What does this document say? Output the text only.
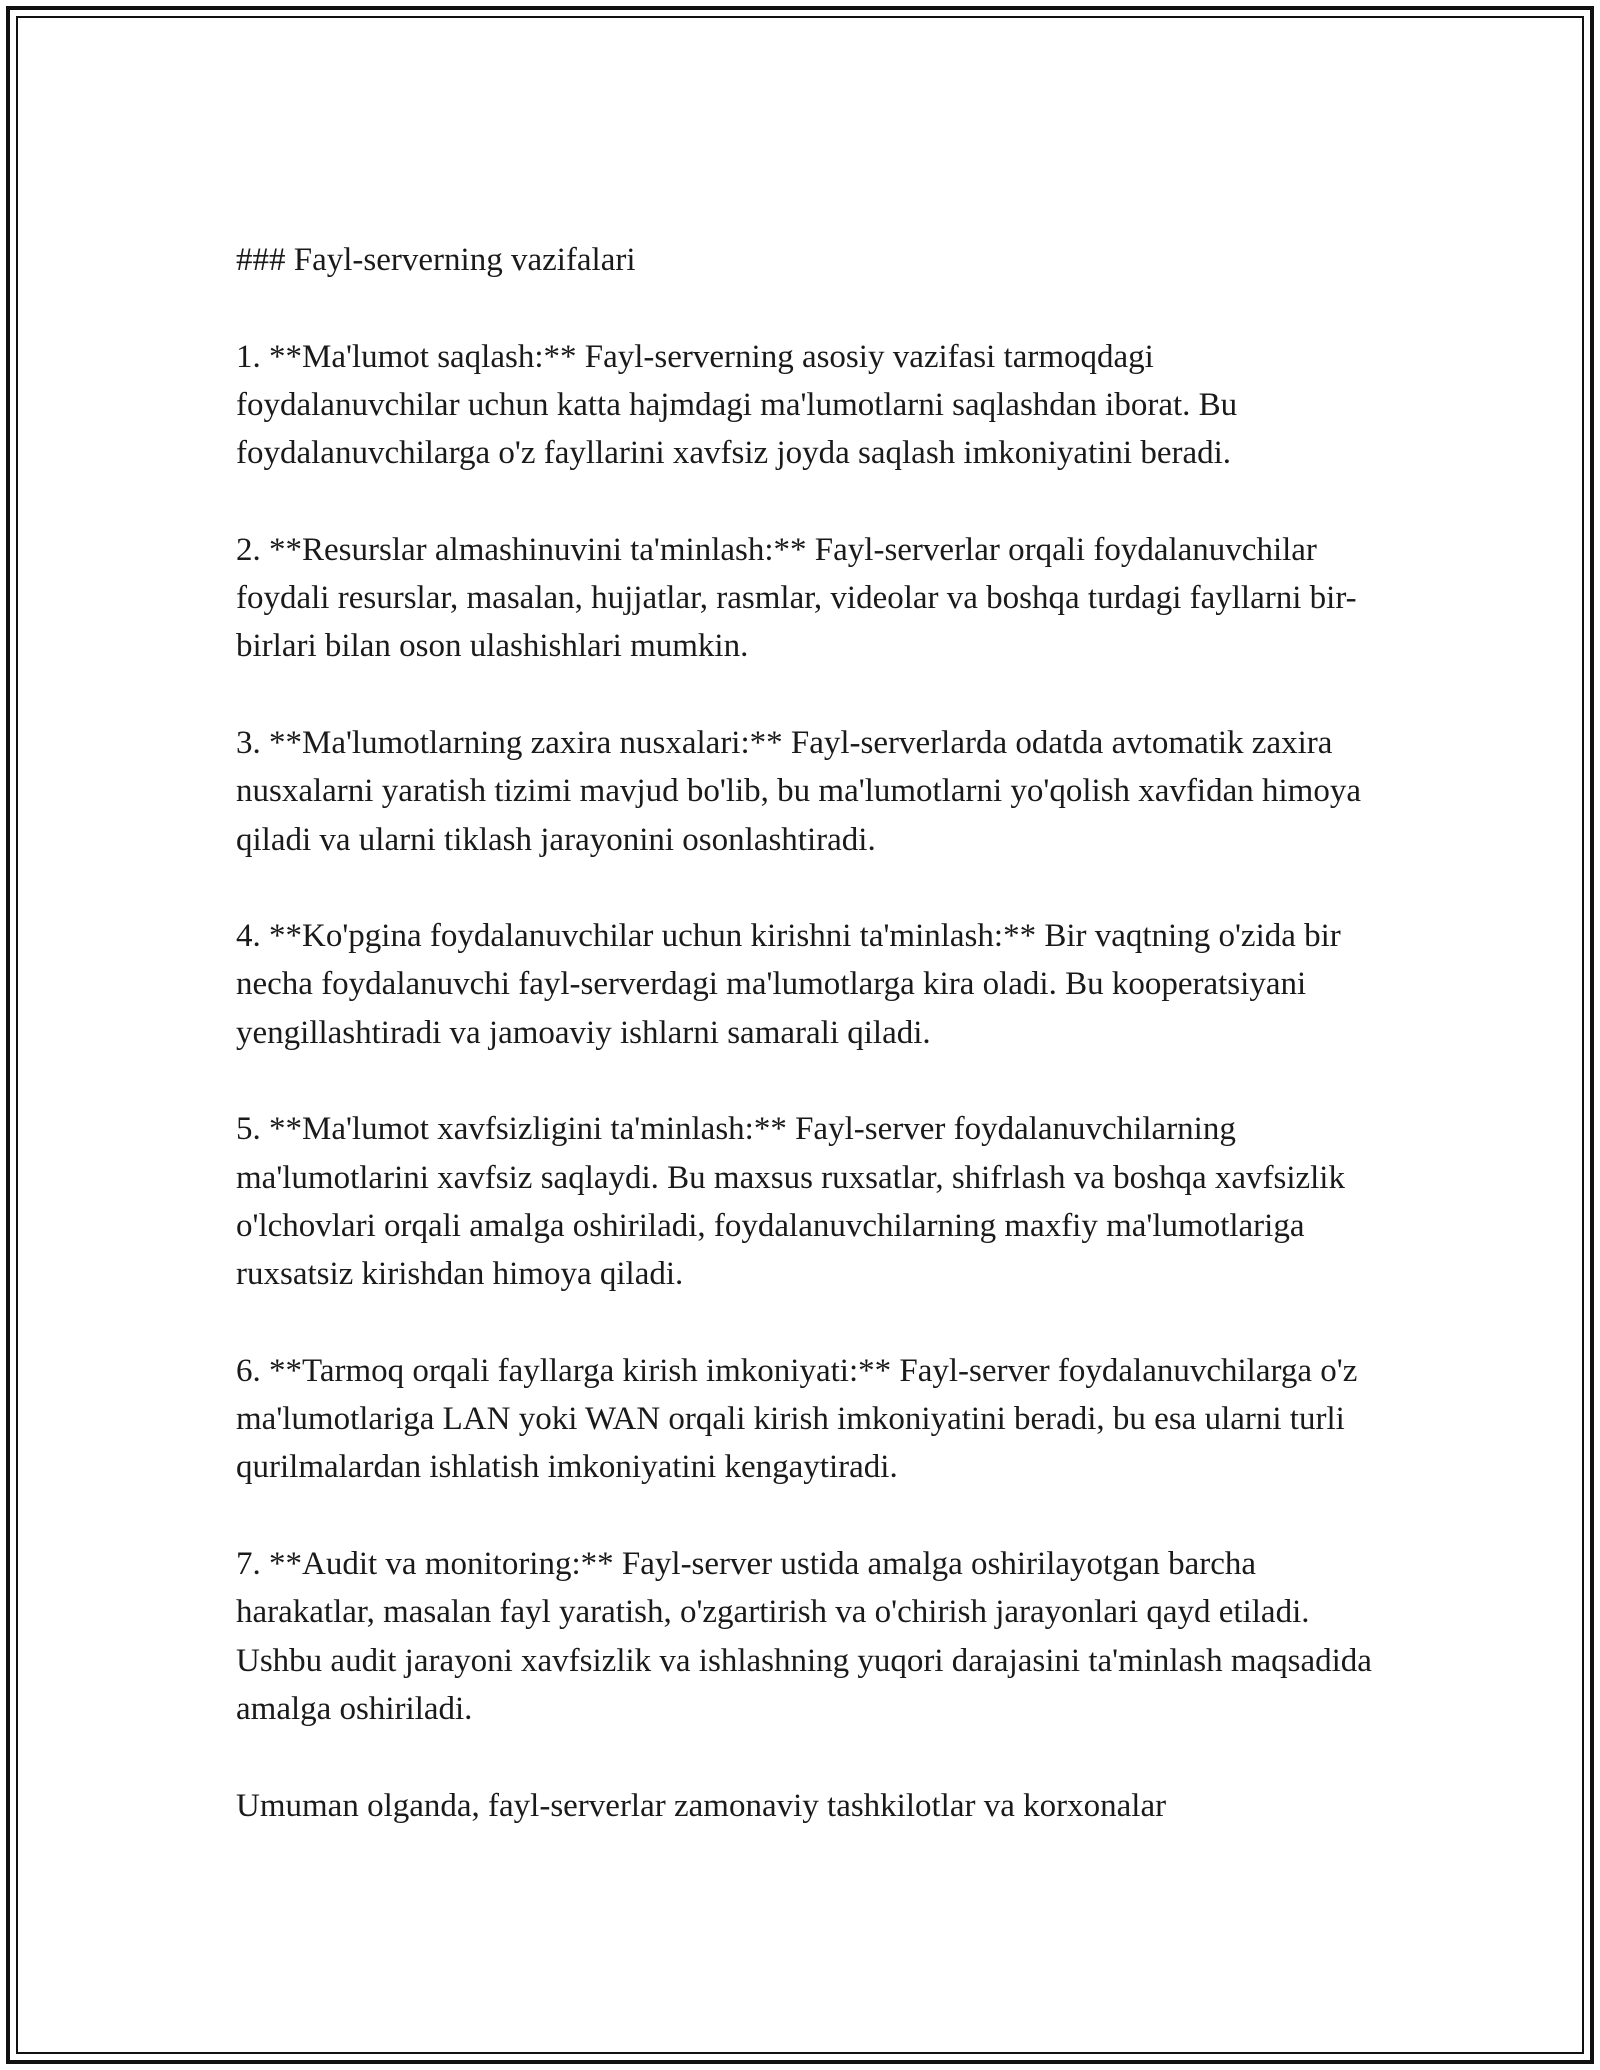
### Fayl-serverning vazifalari

1. **Ma'lumot saqlash:** Fayl-serverning asosiy vazifasi tarmoqdagi foydalanuvchilar uchun katta hajmdagi ma'lumotlarni saqlashdan iborat. Bu foydalanuvchilarga o'z fayllarini xavfsiz joyda saqlash imkoniyatini beradi.

2. **Resurslar almashinuvini ta'minlash:** Fayl-serverlar orqali foydalanuvchilar foydali resurslar, masalan, hujjatlar, rasmlar, videolar va boshqa turdagi fayllarni bir-birlari bilan oson ulashishlari mumkin.

3. **Ma'lumotlarning zaxira nusxalari:** Fayl-serverlarda odatda avtomatik zaxira nusxalarni yaratish tizimi mavjud bo'lib, bu ma'lumotlarni yo'qolish xavfidan himoya qiladi va ularni tiklash jarayonini osonlashtiradi.

4. **Ko'pgina foydalanuvchilar uchun kirishni ta'minlash:** Bir vaqtning o'zida bir necha foydalanuvchi fayl-serverdagi ma'lumotlarga kira oladi. Bu kooperatsiyani yengillashtiradi va jamoaviy ishlarni samarali qiladi.

5. **Ma'lumot xavfsizligini ta'minlash:** Fayl-server foydalanuvchilarning ma'lumotlarini xavfsiz saqlaydi. Bu maxsus ruxsatlar, shifrlash va boshqa xavfsizlik o'lchovlari orqali amalga oshiriladi, foydalanuvchilarning maxfiy ma'lumotlariga ruxsatsiz kirishdan himoya qiladi.

6. **Tarmoq orqali fayllarga kirish imkoniyati:** Fayl-server foydalanuvchilarga o'z ma'lumotlariga LAN yoki WAN orqali kirish imkoniyatini beradi, bu esa ularni turli qurilmalardan ishlatish imkoniyatini kengaytiradi.

7. **Audit va monitoring:** Fayl-server ustida amalga oshirilayotgan barcha harakatlar, masalan fayl yaratish, o'zgartirish va o'chirish jarayonlari qayd etiladi. Ushbu audit jarayoni xavfsizlik va ishlashning yuqori darajasini ta'minlash maqsadida amalga oshiriladi.

Umuman olganda, fayl-serverlar zamonaviy tashkilotlar va korxonalar
